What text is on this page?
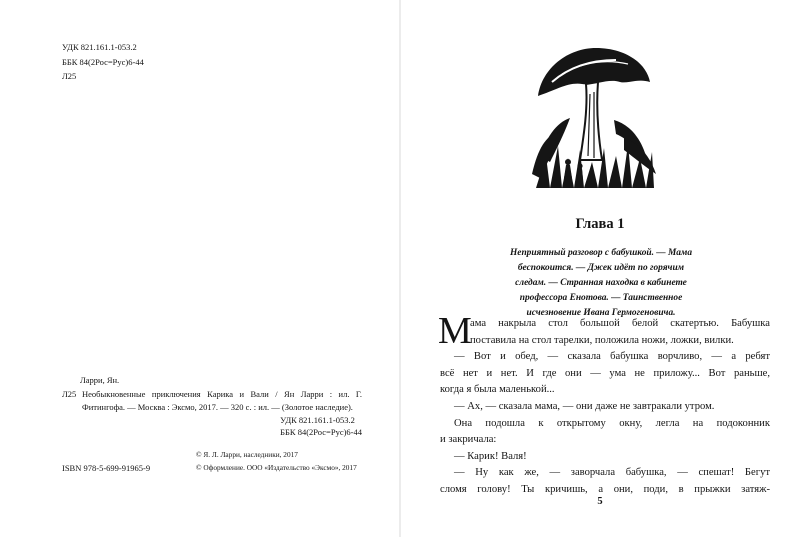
УДК 821.161.1-053.2
ББК 84(2Рос=Рус)6-44
Л25
Ларри, Ян.
Л25 Необыкновенные приключения Карика и Вали / Ян Ларри : ил. Г. Фитингофа. — Москва : Эксмо, 2017. — 320 с. : ил. — (Золотое наследие).
УДК 821.161.1-053.2
ББК 84(2Рос=Рус)6-44
© Я. Л. Ларри, наследники, 2017
© Оформление. ООО «Издательство «Эксмо», 2017
ISBN 978-5-699-91965-9
Глава 1
Неприятный разговор с бабушкой. — Мама
беспокоится. — Джек идёт по горячим
следам. — Странная находка в кабинете
профессора Енотова. — Таинственное
исчезновение Ивана Гермогеновича.
М

ама накрыла стол большой белой скатертью. Бабушка

поставила на стол тарелки, положила ножи, ложки, вилки.

— Вот и обед, — сказала бабушка ворчливо, — а ребят

всё нет и нет. И где они — ума не приложу... Вот раньше,

когда я была маленькой...

— Ах, — сказала мама, — они даже не завтракали утром.

Она подошла к открытому окну, легла на подоконник

и закричала:

— Карик! Валя!

— Ну как же, — заворчала бабушка, — спешат! Бегут

сломя голову! Ты кричишь, а они, поди, в прыжки затяж-

5
